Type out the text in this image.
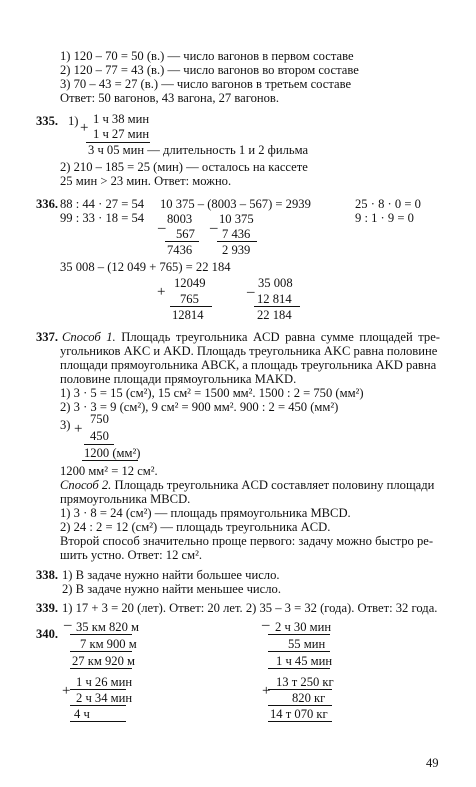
1) 120 – 70 = 50 (в.) — число вагонов в первом составе
2) 120 – 77 = 43 (в.) — число вагонов во втором составе
3) 70 – 43 = 27 (в.) — число вагонов в третьем составе
Ответ: 50 вагонов, 43 вагона, 27 вагонов.
335. 1) +
1 ч 38 мин
1 ч 27 мин
3 ч 05 мин — длительность 1 и 2 фильма
2) 210 – 185 = 25 (мин) — осталось на кассете
25 мин > 23 мин. Ответ: можно.
336. 88 : 44 · 27 = 54
99 : 33 · 18 = 54
10 375 – (8003 – 567) = 2939	25 · 8 · 0 = 0
9 : 1 · 9 = 0
8003
– 567
7436
10 375
– 7 436
2 939
35 008 – (12 049 + 765) = 22 184
12049
+ 765
12814
35 008
– 12 814
22 184
337. Способ 1. Площадь треугольника ACD равна сумме площадей тре-
угольников AKC и AKD. Площадь треугольника AKC равна половине
площади прямоугольника ABCK, а площадь треугольника AKD равна
половине площади прямоугольника MAKD.
1) 3 · 5 = 15 (см²), 15 см² = 1500 мм². 1500 : 2 = 750 (мм²)
2) 3 · 3 = 9 (см²), 9 см² = 900 мм². 900 : 2 = 450 (мм²)
3) +
750
450
1200 (мм²)
1200 мм² = 12 см².
Способ 2. Площадь треугольника ACD составляет половину площади
прямоугольника MBCD.
1) 3 · 8 = 24 (см²) — площадь прямоугольника MBCD.
2) 24 : 2 = 12 (см²) — площадь треугольника ACD.
Второй способ значительно проще первого: задачу можно быстро ре-
шить устно. Ответ: 12 см².
338. 1) В задаче нужно найти большее число.
2) В задаче нужно найти меньшее число.
339. 1) 17 + 3 = 20 (лет). Ответ: 20 лет. 2) 35 – 3 = 32 (года). Ответ: 32 года.
340.
– 35 км 820 м
7 км 900 м
27 км 920 м
– 2 ч 30 мин
55 мин
1 ч 45 мин
1 ч 26 мин
+ 2 ч 34 мин
4 ч
13 т 250 кг
+ 820 кг
14 т 070 кг
49
